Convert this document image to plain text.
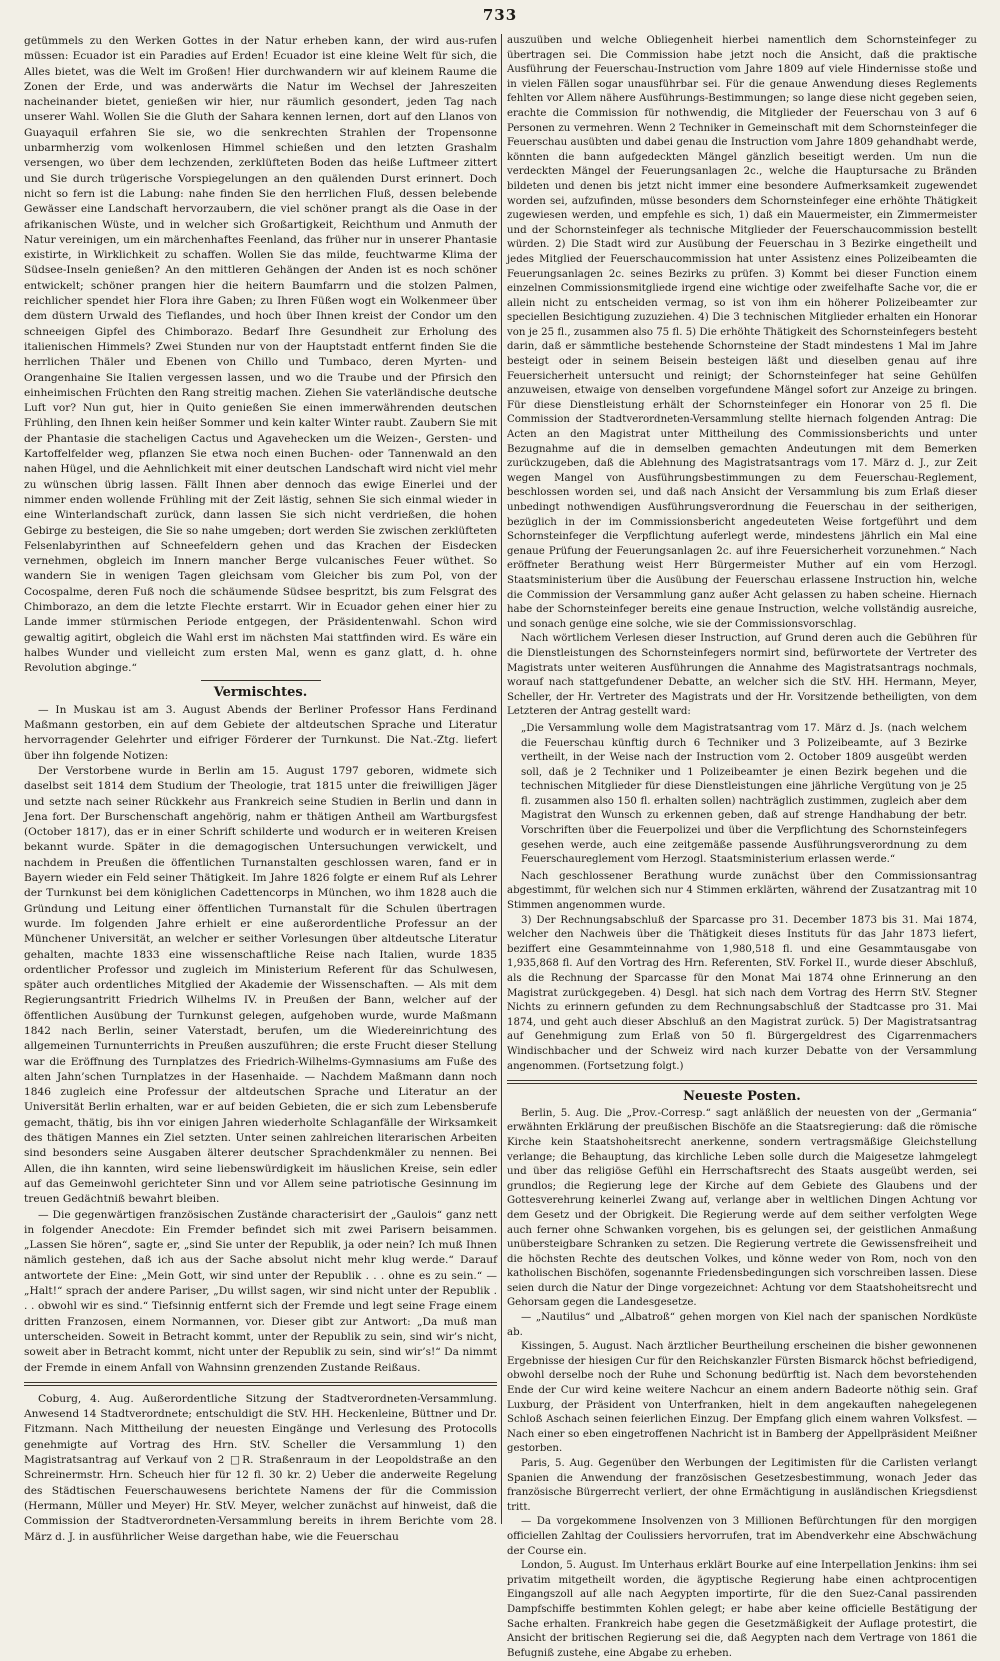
733

getümmels zu den Werken Gottes in der Natur erheben kann, der wird aus-rufen müssen: Ecuador ist ein Paradies auf Erden! Ecuador ist eine kleine Welt für sich, die Alles bietet, was die Welt im Großen! Hier durchwandern wir auf kleinem Raume die Zonen der Erde, und was anderwärts die Natur im Wechsel der Jahreszeiten nacheinander bietet, genießen wir hier, nur räumlich gesondert, jeden Tag nach unserer Wahl. Wollen Sie die Gluth der Sahara kennen lernen, dort auf den Llanos von Guayaquil erfahren Sie sie, wo die senkrechten Strahlen der Tropensonne unbarmherzig vom wolkenlosen Himmel schießen und den letzten Grashalm versengen, wo über dem lechzenden, zerklüfteten Boden das heiße Luftmeer zittert und Sie durch trügerische Vorspiegelungen an den quälenden Durst erinnert. Doch nicht so fern ist die Labung: nahe finden Sie den herrlichen Fluß, dessen belebende Gewässer eine Landschaft hervorzaubern, die viel schöner prangt als die Oase in der afrikanischen Wüste, und in welcher sich Großartigkeit, Reichthum und Anmuth der Natur vereinigen, um ein märchenhaftes Feenland, das früher nur in unserer Phantasie existirte, in Wirklichkeit zu schaffen. Wollen Sie das milde, feuchtwarme Klima der Südsee-Inseln genießen? An den mittleren Gehängen der Anden ist es noch schöner entwickelt; schöner prangen hier die heitern Baumfarrn und die stolzen Palmen, reichlicher spendet hier Flora ihre Gaben; zu Ihren Füßen wogt ein Wolkenmeer über dem düstern Urwald des Tieflandes, und hoch über Ihnen kreist der Condor um den schneeigen Gipfel des Chimborazo. Bedarf Ihre Gesundheit zur Erholung des italienischen Himmels? Zwei Stunden nur von der Hauptstadt entfernt finden Sie die herrlichen Thäler und Ebenen von Chillo und Tumbaco, deren Myrten- und Orangenhaine Sie Italien vergessen lassen, und wo die Traube und der Pfirsich den einheimischen Früchten den Rang streitig machen. Ziehen Sie vaterländische deutsche Luft vor? Nun gut, hier in Quito genießen Sie einen immerwährenden deutschen Frühling, den Ihnen kein heißer Sommer und kein kalter Winter raubt. Zaubern Sie mit der Phantasie die stacheligen Cactus und Agavehecken um die Weizen-, Gersten- und Kartoffelfelder weg, pflanzen Sie etwa noch einen Buchen- oder Tannenwald an den nahen Hügel, und die Aehnlichkeit mit einer deutschen Landschaft wird nicht viel mehr zu wünschen übrig lassen. Fällt Ihnen aber dennoch das ewige Einerlei und der nimmer enden wollende Frühling mit der Zeit lästig, sehnen Sie sich einmal wieder in eine Winterlandschaft zurück, dann lassen Sie sich nicht verdrießen, die hohen Gebirge zu besteigen, die Sie so nahe umgeben; dort werden Sie zwischen zerklüfteten Felsenlabyrinthen auf Schneefeldern gehen und das Krachen der Eisdecken vernehmen, obgleich im Innern mancher Berge vulcanisches Feuer wüthet. So wandern Sie in wenigen Tagen gleichsam vom Gleicher bis zum Pol, von der Cocospalme, deren Fuß noch die schäumende Südsee bespritzt, bis zum Felsgrat des Chimborazo, an dem die letzte Flechte erstarrt. Wir in Ecuador gehen einer hier zu Lande immer stürmischen Periode entgegen, der Präsidentenwahl. Schon wird gewaltig agitirt, obgleich die Wahl erst im nächsten Mai stattfinden wird. Es wäre ein halbes Wunder und vielleicht zum ersten Mal, wenn es ganz glatt, d. h. ohne Revolution abginge.“

Vermischtes.

— In Muskau ist am 3. August Abends der Berliner Professor Hans Ferdinand Maßmann gestorben, ein auf dem Gebiete der altdeutschen Sprache und Literatur hervorragender Gelehrter und eifriger Förderer der Turnkunst. Die Nat.-Ztg. liefert über ihn folgende Notizen:

Der Verstorbene wurde in Berlin am 15. August 1797 geboren, widmete sich daselbst seit 1814 dem Studium der Theologie, trat 1815 unter die freiwilligen Jäger und setzte nach seiner Rückkehr aus Frankreich seine Studien in Berlin und dann in Jena fort. Der Burschenschaft angehörig, nahm er thätigen Antheil am Wartburgsfest (October 1817), das er in einer Schrift schilderte und wodurch er in weiteren Kreisen bekannt wurde. Später in die demagogischen Untersuchungen verwickelt, und nachdem in Preußen die öffentlichen Turnanstalten geschlossen waren, fand er in Bayern wieder ein Feld seiner Thätigkeit. Im Jahre 1826 folgte er einem Ruf als Lehrer der Turnkunst bei dem königlichen Cadettencorps in München, wo ihm 1828 auch die Gründung und Leitung einer öffentlichen Turnanstalt für die Schulen übertragen wurde. Im folgenden Jahre erhielt er eine außerordentliche Professur an der Münchener Universität, an welcher er seither Vorlesungen über altdeutsche Literatur gehalten, machte 1833 eine wissenschaftliche Reise nach Italien, wurde 1835 ordentlicher Professor und zugleich im Ministerium Referent für das Schulwesen, später auch ordentliches Mitglied der Akademie der Wissenschaften. — Als mit dem Regierungsantritt Friedrich Wilhelms IV. in Preußen der Bann, welcher auf der öffentlichen Ausübung der Turnkunst gelegen, aufgehoben wurde, wurde Maßmann 1842 nach Berlin, seiner Vaterstadt, berufen, um die Wiedereinrichtung des allgemeinen Turnunterrichts in Preußen auszuführen; die erste Frucht dieser Stellung war die Eröffnung des Turnplatzes des Friedrich-Wilhelms-Gymnasiums am Fuße des alten Jahn’schen Turnplatzes in der Hasenhaide. — Nachdem Maßmann dann noch 1846 zugleich eine Professur der altdeutschen Sprache und Literatur an der Universität Berlin erhalten, war er auf beiden Gebieten, die er sich zum Lebensberufe gemacht, thätig, bis ihn vor einigen Jahren wiederholte Schlaganfälle der Wirksamkeit des thätigen Mannes ein Ziel setzten. Unter seinen zahlreichen literarischen Arbeiten sind besonders seine Ausgaben älterer deutscher Sprachdenkmäler zu nennen. Bei Allen, die ihn kannten, wird seine liebenswürdigkeit im häuslichen Kreise, sein edler auf das Gemeinwohl gerichteter Sinn und vor Allem seine patriotische Gesinnung im treuen Gedächtniß bewahrt bleiben.

— Die gegenwärtigen französischen Zustände characterisirt der „Gaulois“ ganz nett in folgender Anecdote: Ein Fremder befindet sich mit zwei Parisern beisammen. „Lassen Sie hören“, sagte er, „sind Sie unter der Republik, ja oder nein? Ich muß Ihnen nämlich gestehen, daß ich aus der Sache absolut nicht mehr klug werde.“ Darauf antwortete der Eine: „Mein Gott, wir sind unter der Republik . . . ohne es zu sein.“ — „Halt!“ sprach der andere Pariser, „Du willst sagen, wir sind nicht unter der Republik . . . obwohl wir es sind.“ Tiefsinnig entfernt sich der Fremde und legt seine Frage einem dritten Franzosen, einem Normannen, vor. Dieser gibt zur Antwort: „Da muß man unterscheiden. Soweit in Betracht kommt, unter der Republik zu sein, sind wir’s nicht, soweit aber in Betracht kommt, nicht unter der Republik zu sein, sind wir’s!“ Da nimmt der Fremde in einem Anfall von Wahnsinn grenzenden Zustande Reißaus.

Coburg, 4. Aug. Außerordentliche Sitzung der Stadtverordneten-Versammlung. Anwesend 14 Stadtverordnete; entschuldigt die StV. HH. Heckenleine, Büttner und Dr. Fitzmann. Nach Mittheilung der neuesten Eingänge und Verlesung des Protocolls genehmigte auf Vortrag des Hrn. StV. Scheller die Versammlung 1) den Magistratsantrag auf Verkauf von 2 □R. Straßenraum in der Leopoldstraße an den Schreinermstr. Hrn. Scheuch hier für 12 fl. 30 kr. 2) Ueber die anderweite Regelung des Städtischen Feuerschauwesens berichtete Namens der für die Commission (Hermann, Müller und Meyer) Hr. StV. Meyer, welcher zunächst auf hinweist, daß die Commission der Stadtverordneten-Versammlung bereits in ihrem Berichte vom 28. März d. J. in ausführlicher Weise dargethan habe, wie die Feuerschau

auszuüben und welche Obliegenheit hierbei namentlich dem Schornsteinfeger zu übertragen sei. Die Commission habe jetzt noch die Ansicht, daß die praktische Ausführung der Feuerschau-Instruction vom Jahre 1809 auf viele Hindernisse stoße und in vielen Fällen sogar unausführbar sei. Für die genaue Anwendung dieses Reglements fehlten vor Allem nähere Ausführungs-Bestimmungen; so lange diese nicht gegeben seien, erachte die Commission für nothwendig, die Mitglieder der Feuerschau von 3 auf 6 Personen zu vermehren. Wenn 2 Techniker in Gemeinschaft mit dem Schornsteinfeger die Feuerschau ausübten und dabei genau die Instruction vom Jahre 1809 gehandhabt werde, könnten die bann aufgedeckten Mängel gänzlich beseitigt werden. Um nun die verdeckten Mängel der Feuerungsanlagen 2c., welche die Hauptursache zu Bränden bildeten und denen bis jetzt nicht immer eine besondere Aufmerksamkeit zugewendet worden sei, aufzufinden, müsse besonders dem Schornsteinfeger eine erhöhte Thätigkeit zugewiesen werden, und empfehle es sich, 1) daß ein Mauermeister, ein Zimmermeister und der Schornsteinfeger als technische Mitglieder der Feuerschaucommission bestellt würden. 2) Die Stadt wird zur Ausübung der Feuerschau in 3 Bezirke eingetheilt und jedes Mitglied der Feuerschaucommission hat unter Assistenz eines Polizeibeamten die Feuerungsanlagen 2c. seines Bezirks zu prüfen. 3) Kommt bei dieser Function einem einzelnen Commissionsmitgliede irgend eine wichtige oder zweifelhafte Sache vor, die er allein nicht zu entscheiden vermag, so ist von ihm ein höherer Polizeibeamter zur speciellen Besichtigung zuzuziehen. 4) Die 3 technischen Mitglieder erhalten ein Honorar von je 25 fl., zusammen also 75 fl. 5) Die erhöhte Thätigkeit des Schornsteinfegers besteht darin, daß er sämmtliche bestehende Schornsteine der Stadt mindestens 1 Mal im Jahre besteigt oder in seinem Beisein besteigen läßt und dieselben genau auf ihre Feuersicherheit untersucht und reinigt; der Schornsteinfeger hat seine Gehülfen anzuweisen, etwaige von denselben vorgefundene Mängel sofort zur Anzeige zu bringen. Für diese Dienstleistung erhält der Schornsteinfeger ein Honorar von 25 fl. Die Commission der Stadtverordneten-Versammlung stellte hiernach folgenden Antrag: Die Acten an den Magistrat unter Mittheilung des Commissionsberichts und unter Bezugnahme auf die in demselben gemachten Andeutungen mit dem Bemerken zurückzugeben, daß die Ablehnung des Magistratsantrags vom 17. März d. J., zur Zeit wegen Mangel von Ausführungsbestimmungen zu dem Feuerschau-Reglement, beschlossen worden sei, und daß nach Ansicht der Versammlung bis zum Erlaß dieser unbedingt nothwendigen Ausführungsverordnung die Feuerschau in der seitherigen, bezüglich in der im Commissionsbericht angedeuteten Weise fortgeführt und dem Schornsteinfeger die Verpflichtung auferlegt werde, mindestens jährlich ein Mal eine genaue Prüfung der Feuerungsanlagen 2c. auf ihre Feuersicherheit vorzunehmen.“ Nach eröffneter Berathung weist Herr Bürgermeister Muther auf ein vom Herzogl. Staatsministerium über die Ausübung der Feuerschau erlassene Instruction hin, welche die Commission der Versammlung ganz außer Acht gelassen zu haben scheine. Hiernach habe der Schornsteinfeger bereits eine genaue Instruction, welche vollständig ausreiche, und sonach genüge eine solche, wie sie der Commissionsvorschlag.

Nach wörtlichem Verlesen dieser Instruction, auf Grund deren auch die Gebühren für die Dienstleistungen des Schornsteinfegers normirt sind, befürwortete der Vertreter des Magistrats unter weiteren Ausführungen die Annahme des Magistratsantrags nochmals, worauf nach stattgefundener Debatte, an welcher sich die StV. HH. Hermann, Meyer, Scheller, der Hr. Vertreter des Magistrats und der Hr. Vorsitzende betheiligten, von dem Letzteren der Antrag gestellt ward:

„Die Versammlung wolle dem Magistratsantrag vom 17. März d. Js. (nach welchem die Feuerschau künftig durch 6 Techniker und 3 Polizeibeamte, auf 3 Bezirke vertheilt, in der Weise nach der Instruction vom 2. October 1809 ausgeübt werden soll, daß je 2 Techniker und 1 Polizeibeamter je einen Bezirk begehen und die technischen Mitglieder für diese Dienstleistungen eine jährliche Vergütung von je 25 fl. zusammen also 150 fl. erhalten sollen) nachträglich zustimmen, zugleich aber dem Magistrat den Wunsch zu erkennen geben, daß auf strenge Handhabung der betr. Vorschriften über die Feuerpolizei und über die Verpflichtung des Schornsteinfegers gesehen werde, auch eine zeitgemäße passende Ausführungsverordnung zu dem Feuerschaureglement vom Herzogl. Staatsministerium erlassen werde.“

Nach geschlossener Berathung wurde zunächst über den Commissionsantrag abgestimmt, für welchen sich nur 4 Stimmen erklärten, während der Zusatzantrag mit 10 Stimmen angenommen wurde.

3) Der Rechnungsabschluß der Sparcasse pro 31. December 1873 bis 31. Mai 1874, welcher den Nachweis über die Thätigkeit dieses Instituts für das Jahr 1873 liefert, beziffert eine Gesammteinnahme von 1,980,518 fl. und eine Gesammtausgabe von 1,935,868 fl. Auf den Vortrag des Hrn. Referenten, StV. Forkel II., wurde dieser Abschluß, als die Rechnung der Sparcasse für den Monat Mai 1874 ohne Erinnerung an den Magistrat zurückgegeben. 4) Desgl. hat sich nach dem Vortrag des Herrn StV. Stegner Nichts zu erinnern gefunden zu dem Rechnungsabschluß der Stadtcasse pro 31. Mai 1874, und geht auch dieser Abschluß an den Magistrat zurück. 5) Der Magistratsantrag auf Genehmigung zum Erlaß von 50 fl. Bürgergeldrest des Cigarrenmachers Windischbacher und der Schweiz wird nach kurzer Debatte von der Versammlung angenommen. (Fortsetzung folgt.)

Neueste Posten.

Berlin, 5. Aug. Die „Prov.-Corresp.“ sagt anläßlich der neuesten von der „Germania“ erwähnten Erklärung der preußischen Bischöfe an die Staatsregierung: daß die römische Kirche kein Staatshoheitsrecht anerkenne, sondern vertragsmäßige Gleichstellung verlange; die Behauptung, das kirchliche Leben solle durch die Maigesetze lahmgelegt und über das religiöse Gefühl ein Herrschaftsrecht des Staats ausgeübt werden, sei grundlos; die Regierung lege der Kirche auf dem Gebiete des Glaubens und der Gottesverehrung keinerlei Zwang auf, verlange aber in weltlichen Dingen Achtung vor dem Gesetz und der Obrigkeit. Die Regierung werde auf dem seither verfolgten Wege auch ferner ohne Schwanken vorgehen, bis es gelungen sei, der geistlichen Anmaßung unübersteigbare Schranken zu setzen. Die Regierung vertrete die Gewissensfreiheit und die höchsten Rechte des deutschen Volkes, und könne weder von Rom, noch von den katholischen Bischöfen, sogenannte Friedensbedingungen sich vorschreiben lassen. Diese seien durch die Natur der Dinge vorgezeichnet: Achtung vor dem Staatshoheitsrecht und Gehorsam gegen die Landesgesetze.

— „Nautilus“ und „Albatroß“ gehen morgen von Kiel nach der spanischen Nordküste ab.

Kissingen, 5. August. Nach ärztlicher Beurtheilung erscheinen die bisher gewonnenen Ergebnisse der hiesigen Cur für den Reichskanzler Fürsten Bismarck höchst befriedigend, obwohl derselbe noch der Ruhe und Schonung bedürftig ist. Nach dem bevorstehenden Ende der Cur wird keine weitere Nachcur an einem andern Badeorte nöthig sein. Graf Luxburg, der Präsident von Unterfranken, hielt in dem angekauften nahegelegenen Schloß Aschach seinen feierlichen Einzug. Der Empfang glich einem wahren Volksfest. — Nach einer so eben eingetroffenen Nachricht ist in Bamberg der Appellpräsident Meißner gestorben.

Paris, 5. Aug. Gegenüber den Werbungen der Legitimisten für die Carlisten verlangt Spanien die Anwendung der französischen Gesetzesbestimmung, wonach Jeder das französische Bürgerrecht verliert, der ohne Ermächtigung in ausländischen Kriegsdienst tritt.

— Da vorgekommene Insolvenzen von 3 Millionen Befürchtungen für den morgigen officiellen Zahltag der Coulissiers hervorrufen, trat im Abendverkehr eine Abschwächung der Course ein.

London, 5. August. Im Unterhaus erklärt Bourke auf eine Interpellation Jenkins: ihm sei privatim mitgetheilt worden, die ägyptische Regierung habe einen achtprocentigen Eingangszoll auf alle nach Aegypten importirte, für die den Suez-Canal passirenden Dampfschiffe bestimmten Kohlen gelegt; er habe aber keine officielle Bestätigung der Sache erhalten. Frankreich habe gegen die Gesetzmäßigkeit der Auflage protestirt, die Ansicht der britischen Regierung sei die, daß Aegypten nach dem Vertrage von 1861 die Befugniß zustehe, eine Abgabe zu erheben.
